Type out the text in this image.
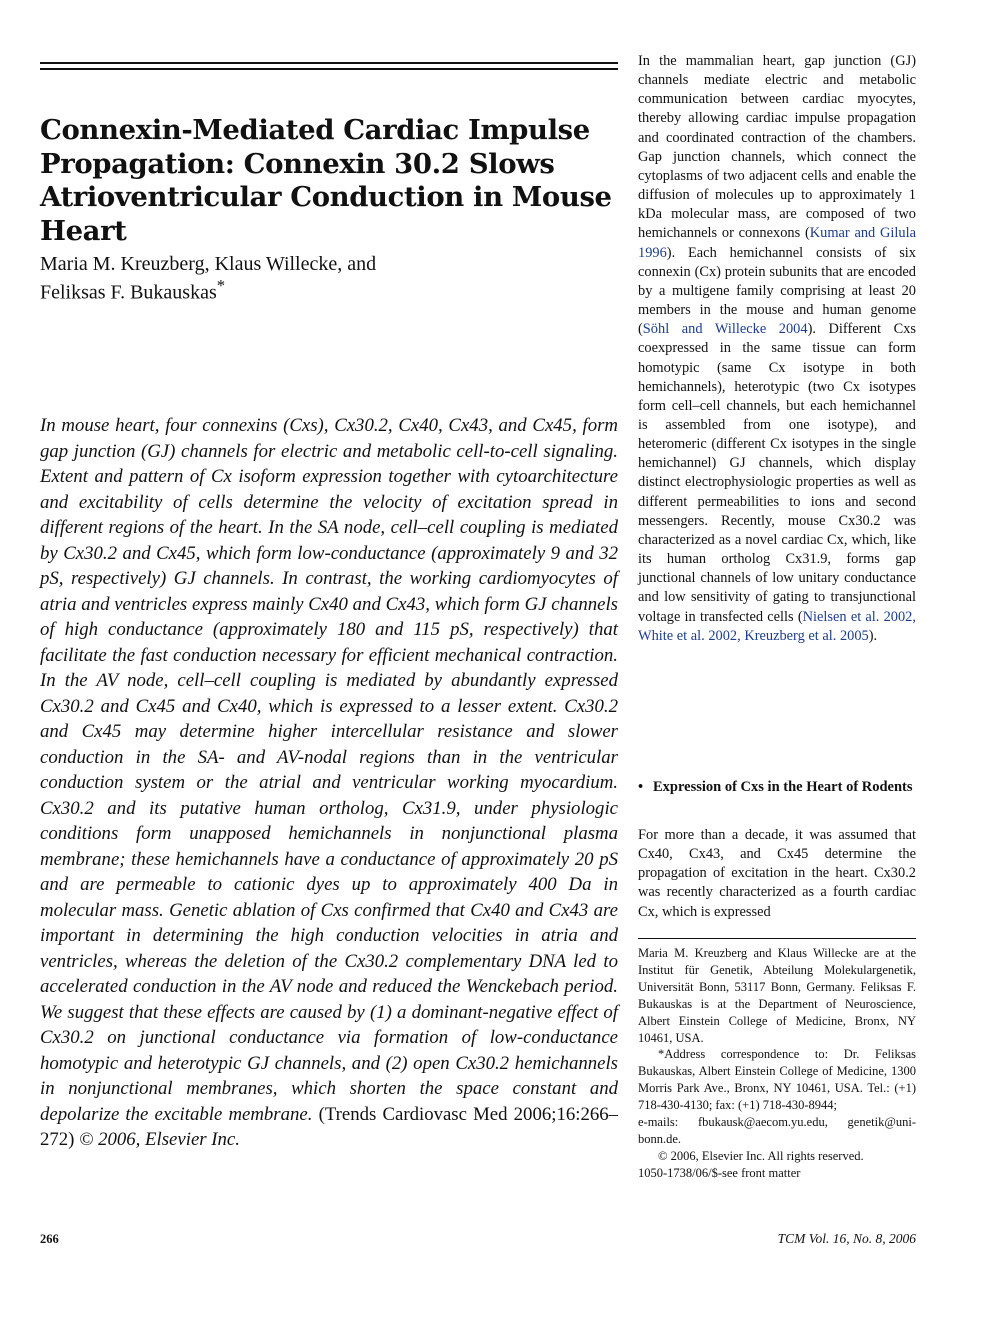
Connexin-Mediated Cardiac Impulse Propagation: Connexin 30.2 Slows Atrioventricular Conduction in Mouse Heart
Maria M. Kreuzberg, Klaus Willecke, and
Feliksas F. Bukauskas*
In mouse heart, four connexins (Cxs), Cx30.2, Cx40, Cx43, and Cx45, form gap junction (GJ) channels for electric and metabolic cell-to-cell signaling. Extent and pattern of Cx isoform expression together with cytoarchitecture and excitability of cells determine the velocity of excitation spread in different regions of the heart. In the SA node, cell–cell coupling is mediated by Cx30.2 and Cx45, which form low-conductance (approximately 9 and 32 pS, respectively) GJ channels. In contrast, the working cardiomyocytes of atria and ventricles express mainly Cx40 and Cx43, which form GJ channels of high conductance (approximately 180 and 115 pS, respectively) that facilitate the fast conduction necessary for efficient mechanical contraction. In the AV node, cell–cell coupling is mediated by abundantly expressed Cx30.2 and Cx45 and Cx40, which is expressed to a lesser extent. Cx30.2 and Cx45 may determine higher intercellular resistance and slower conduction in the SA- and AV-nodal regions than in the ventricular conduction system or the atrial and ventricular working myocardium. Cx30.2 and its putative human ortholog, Cx31.9, under physiologic conditions form unapposed hemichannels in nonjunctional plasma membrane; these hemichannels have a conductance of approximately 20 pS and are permeable to cationic dyes up to approximately 400 Da in molecular mass. Genetic ablation of Cxs confirmed that Cx40 and Cx43 are important in determining the high conduction velocities in atria and ventricles, whereas the deletion of the Cx30.2 complementary DNA led to accelerated conduction in the AV node and reduced the Wenckebach period. We suggest that these effects are caused by (1) a dominant-negative effect of Cx30.2 on junctional conductance via formation of low-conductance homotypic and heterotypic GJ channels, and (2) open Cx30.2 hemichannels in nonjunctional membranes, which shorten the space constant and depolarize the excitable membrane. (Trends Cardiovasc Med 2006;16:266–272) © 2006, Elsevier Inc.
In the mammalian heart, gap junction (GJ) channels mediate electric and metabolic communication between cardiac myocytes, thereby allowing cardiac impulse propagation and coordinated contraction of the chambers. Gap junction channels, which connect the cytoplasms of two adjacent cells and enable the diffusion of molecules up to approximately 1 kDa molecular mass, are composed of two hemichannels or connexons (Kumar and Gilula 1996). Each hemichannel consists of six connexin (Cx) protein subunits that are encoded by a multigene family comprising at least 20 members in the mouse and human genome (Söhl and Willecke 2004). Different Cxs coexpressed in the same tissue can form homotypic (same Cx isotype in both hemichannels), heterotypic (two Cx isotypes form cell–cell channels, but each hemichannel is assembled from one isotype), and heteromeric (different Cx isotypes in the single hemichannel) GJ channels, which display distinct electrophysiologic properties as well as different permeabilities to ions and second messengers. Recently, mouse Cx30.2 was characterized as a novel cardiac Cx, which, like its human ortholog Cx31.9, forms gap junctional channels of low unitary conductance and low sensitivity of gating to transjunctional voltage in transfected cells (Nielsen et al. 2002, White et al. 2002, Kreuzberg et al. 2005).
• Expression of Cxs in the Heart of Rodents
For more than a decade, it was assumed that Cx40, Cx43, and Cx45 determine the propagation of excitation in the heart. Cx30.2 was recently characterized as a fourth cardiac Cx, which is expressed

Maria M. Kreuzberg and Klaus Willecke are at the Institut für Genetik, Abteilung Molekulargenetik, Universität Bonn, 53117 Bonn, Germany. Feliksas F. Bukauskas is at the Department of Neuroscience, Albert Einstein College of Medicine, Bronx, NY 10461, USA.

*Address correspondence to: Dr. Feliksas Bukauskas, Albert Einstein College of Medicine, 1300 Morris Park Ave., Bronx, NY 10461, USA. Tel.: (+1) 718-430-4130; fax: (+1) 718-430-8944;

e-mails: fbukausk@aecom.yu.edu, genetik@uni-bonn.de.

© 2006, Elsevier Inc. All rights reserved.

1050-1738/06/$-see front matter

266	TCM Vol. 16, No. 8, 2006
